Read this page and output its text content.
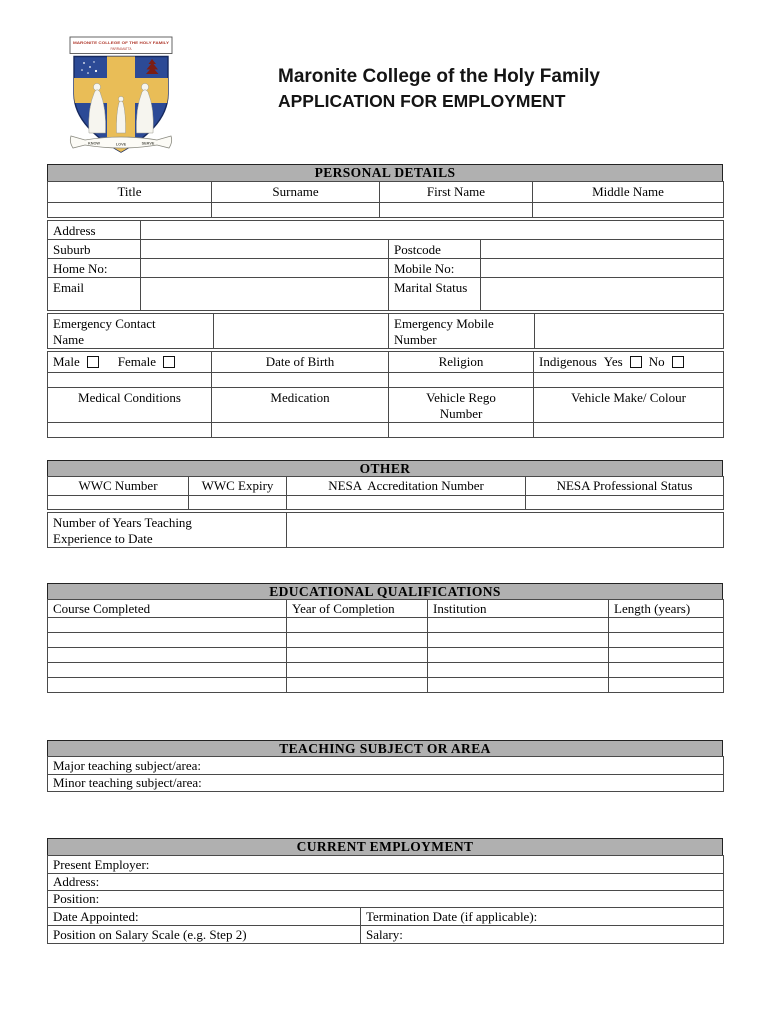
MARONITE COLLEGE OF THE HOLY FAMILY
PARRAMATTA
KNOW	LOVE	SERVE
Maronite College of the Holy Family
APPLICATION FOR EMPLOYMENT
PERSONAL DETAILS
Title	Surname	First Name	Middle Name

Address			
Suburb		Postcode	
Home No:		Mobile No:	
Email		Marital Status	
Emergency Contact Name		Emergency Mobile Number	
Male Female	Date of Birth	Religion	Indigenous Yes No

Medical Conditions	Medication	Vehicle Rego Number	Vehicle Make/ Colour

OTHER
WWC Number	WWC Expiry	NESA  Accreditation Number	NESA Professional Status

Number of Years Teaching Experience to Date	
EDUCATIONAL QUALIFICATIONS
Course Completed	Year of Completion	Institution	Length (years)

TEACHING SUBJECT OR AREA
Major teaching subject/area:
Minor teaching subject/area:
CURRENT EMPLOYMENT
Present Employer:	
Address:	
Position:	
Date Appointed:	Termination Date (if applicable):
Position on Salary Scale (e.g. Step 2)	Salary:
